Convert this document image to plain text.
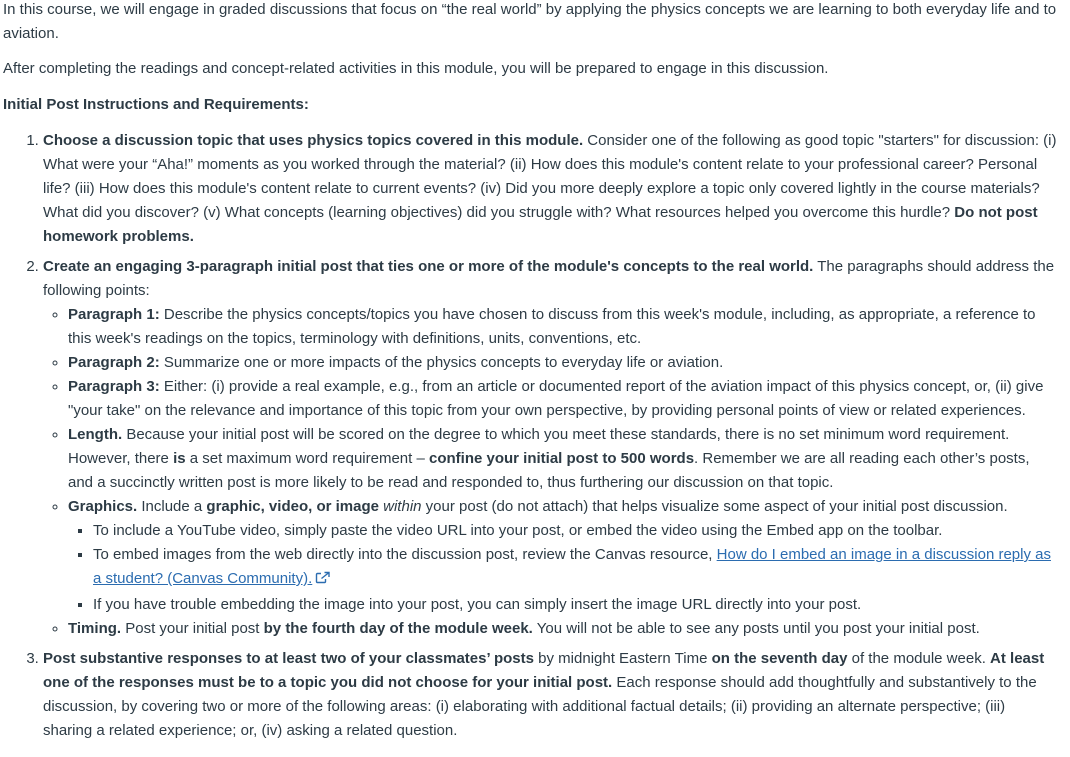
In this course, we will engage in graded discussions that focus on “the real world” by applying the physics concepts we are learning to both everyday life and to aviation.

After completing the readings and concept-related activities in this module, you will be prepared to engage in this discussion.

Initial Post Instructions and Requirements:

1. Choose a discussion topic that uses physics topics covered in this module. Consider one of the following as good topic "starters" for discussion: (i) What were your “Aha!” moments as you worked through the material? (ii) How does this module's content relate to your professional career? Personal life? (iii) How does this module's content relate to current events? (iv) Did you more deeply explore a topic only covered lightly in the course materials? What did you discover? (v) What concepts (learning objectives) did you struggle with? What resources helped you overcome this hurdle? Do not post homework problems.
2. Create an engaging 3-paragraph initial post that ties one or more of the module's concepts to the real world. The paragraphs should address the following points:
◦ Paragraph 1: Describe the physics concepts/topics you have chosen to discuss from this week's module, including, as appropriate, a reference to this week's readings on the topics, terminology with definitions, units, conventions, etc.
◦ Paragraph 2: Summarize one or more impacts of the physics concepts to everyday life or aviation.
◦ Paragraph 3: Either: (i) provide a real example, e.g., from an article or documented report of the aviation impact of this physics concept, or, (ii) give "your take" on the relevance and importance of this topic from your own perspective, by providing personal points of view or related experiences.
◦ Length. Because your initial post will be scored on the degree to which you meet these standards, there is no set minimum word requirement. However, there is a set maximum word requirement – confine your initial post to 500 words. Remember we are all reading each other’s posts, and a succinctly written post is more likely to be read and responded to, thus furthering our discussion on that topic.
◦ Graphics. Include a graphic, video, or image within your post (do not attach) that helps visualize some aspect of your initial post discussion.
▪ To include a YouTube video, simply paste the video URL into your post, or embed the video using the Embed app on the toolbar.
▪ To embed images from the web directly into the discussion post, review the Canvas resource, How do I embed an image in a discussion reply as a student? (Canvas Community).
▪ If you have trouble embedding the image into your post, you can simply insert the image URL directly into your post.
◦ Timing. Post your initial post by the fourth day of the module week. You will not be able to see any posts until you post your initial post.
3. Post substantive responses to at least two of your classmates’ posts by midnight Eastern Time on the seventh day of the module week. At least one of the responses must be to a topic you did not choose for your initial post. Each response should add thoughtfully and substantively to the discussion, by covering two or more of the following areas: (i) elaborating with additional factual details; (ii) providing an alternate perspective; (iii) sharing a related experience; or, (iv) asking a related question.
